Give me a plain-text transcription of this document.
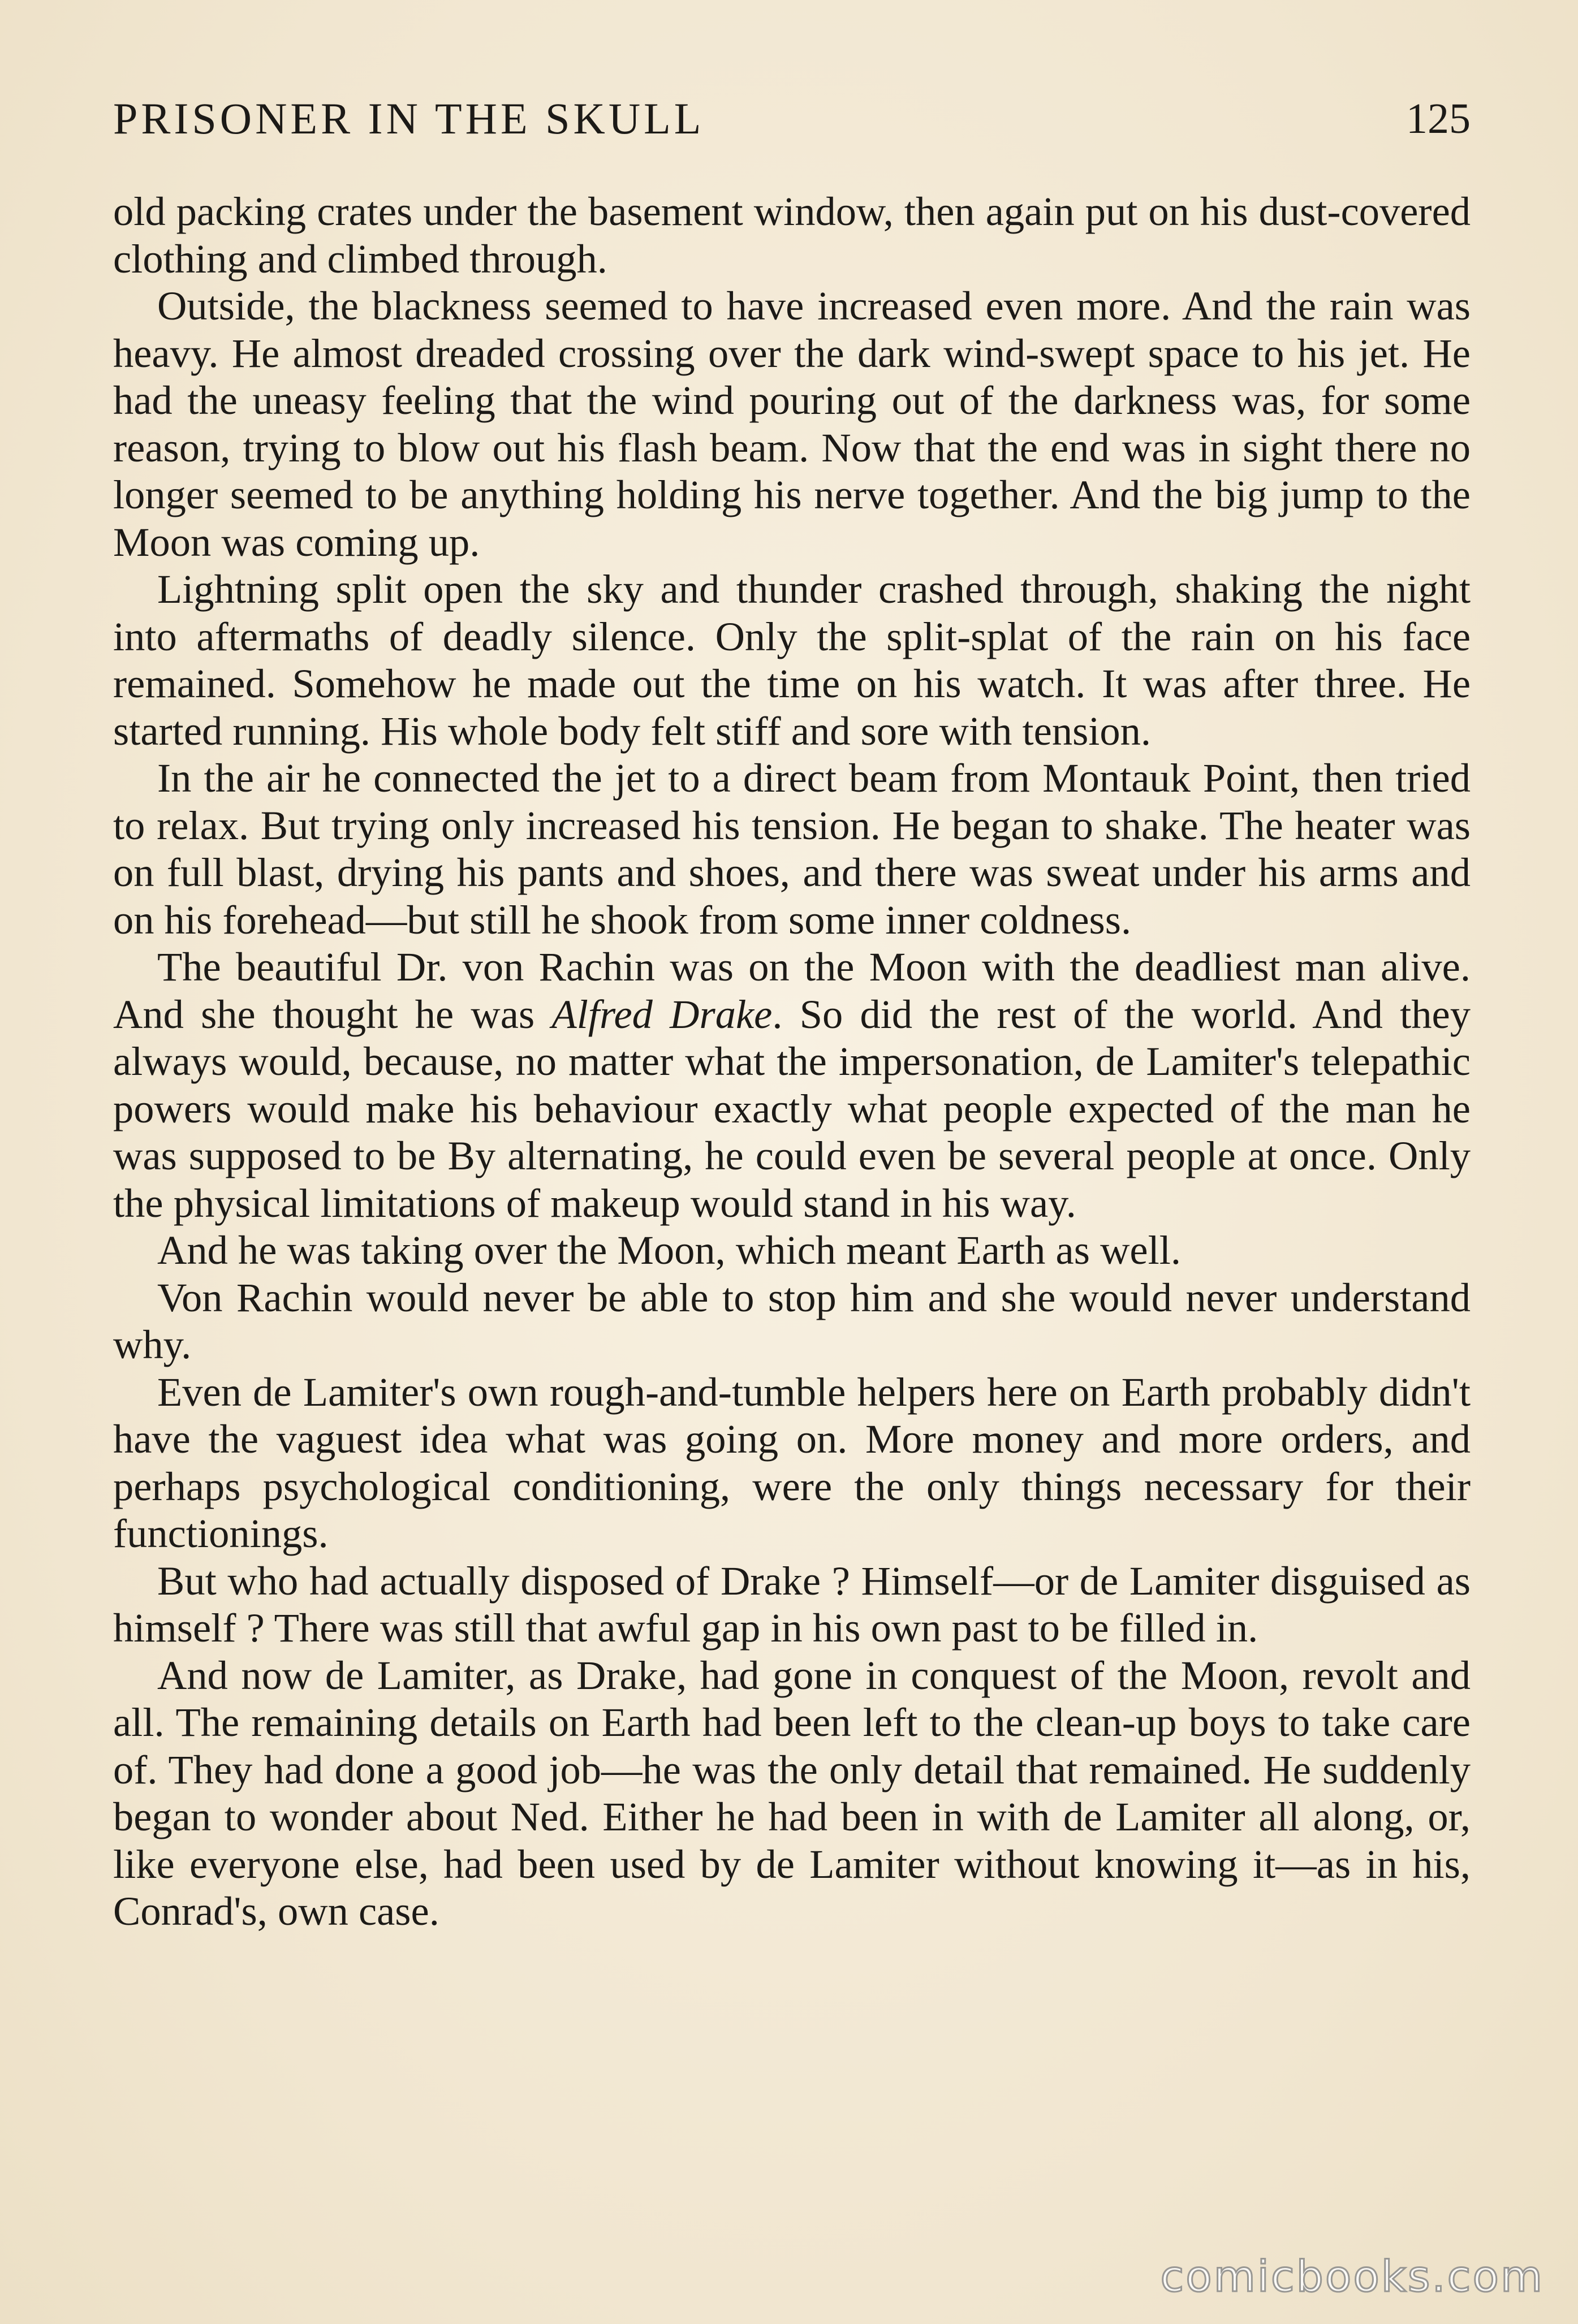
PRISONER IN THE SKULL	125

old packing crates under the basement window, then again put on his dust-covered clothing and climbed through.

Outside, the blackness seemed to have increased even more. And the rain was heavy. He almost dreaded crossing over the dark wind-swept space to his jet. He had the uneasy feeling that the wind pouring out of the darkness was, for some reason, trying to blow out his flash beam. Now that the end was in sight there no longer seemed to be anything holding his nerve together. And the big jump to the Moon was coming up.

Lightning split open the sky and thunder crashed through, shaking the night into aftermaths of deadly silence. Only the split-splat of the rain on his face remained. Somehow he made out the time on his watch. It was after three. He started running. His whole body felt stiff and sore with tension.

In the air he connected the jet to a direct beam from Montauk Point, then tried to relax. But trying only increased his tension. He began to shake. The heater was on full blast, drying his pants and shoes, and there was sweat under his arms and on his forehead—but still he shook from some inner coldness.

The beautiful Dr. von Rachin was on the Moon with the deadliest man alive. And she thought he was Alfred Drake. So did the rest of the world. And they always would, because, no matter what the impersonation, de Lamiter's telepathic powers would make his behaviour exactly what people expected of the man he was supposed to be By alternating, he could even be several people at once. Only the physical limitations of makeup would stand in his way.

And he was taking over the Moon, which meant Earth as well.

Von Rachin would never be able to stop him and she would never understand why.

Even de Lamiter's own rough-and-tumble helpers here on Earth probably didn't have the vaguest idea what was going on. More money and more orders, and perhaps psychological conditioning, were the only things necessary for their functionings.

But who had actually disposed of Drake ? Himself—or de Lamiter disguised as himself ? There was still that awful gap in his own past to be filled in.

And now de Lamiter, as Drake, had gone in conquest of the Moon, revolt and all. The remaining details on Earth had been left to the clean-up boys to take care of. They had done a good job—he was the only detail that remained. He suddenly began to wonder about Ned. Either he had been in with de Lamiter all along, or, like everyone else, had been used by de Lamiter without knowing it—as in his, Conrad's, own case.

comicbooks.com
